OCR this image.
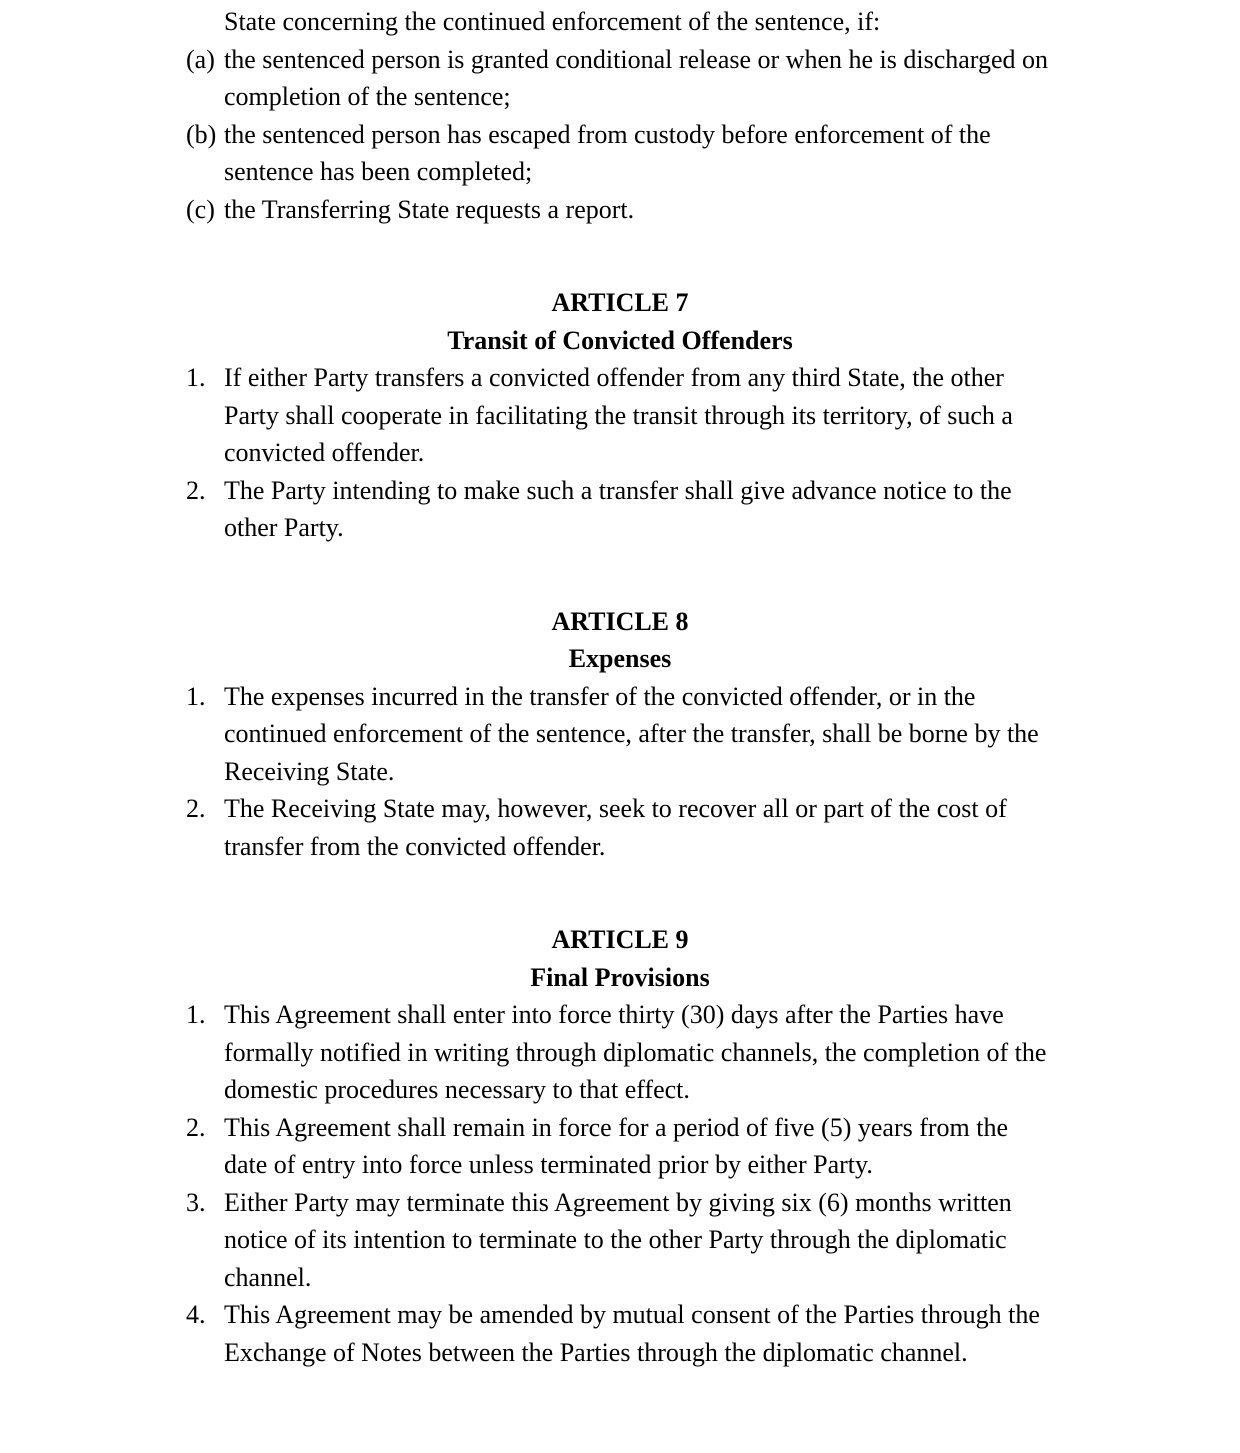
State concerning the continued enforcement of the sentence, if:
(a) the sentenced person is granted conditional release or when he is discharged on completion of the sentence;
(b) the sentenced person has escaped from custody before enforcement of the sentence has been completed;
(c) the Transferring State requests a report.
ARTICLE 7
Transit of Convicted Offenders
1. If either Party transfers a convicted offender from any third State, the other Party shall cooperate in facilitating the transit through its territory, of such a convicted offender.
2. The Party intending to make such a transfer shall give advance notice to the other Party.
ARTICLE 8
Expenses
1. The expenses incurred in the transfer of the convicted offender, or in the continued enforcement of the sentence, after the transfer, shall be borne by the Receiving State.
2. The Receiving State may, however, seek to recover all or part of the cost of transfer from the convicted offender.
ARTICLE 9
Final Provisions
1. This Agreement shall enter into force thirty (30) days after the Parties have formally notified in writing through diplomatic channels, the completion of the domestic procedures necessary to that effect.
2. This Agreement shall remain in force for a period of five (5) years from the date of entry into force unless terminated prior by either Party.
3. Either Party may terminate this Agreement by giving six (6) months written notice of its intention to terminate to the other Party through the diplomatic channel.
4. This Agreement may be amended by mutual consent of the Parties through the Exchange of Notes between the Parties through the diplomatic channel.
